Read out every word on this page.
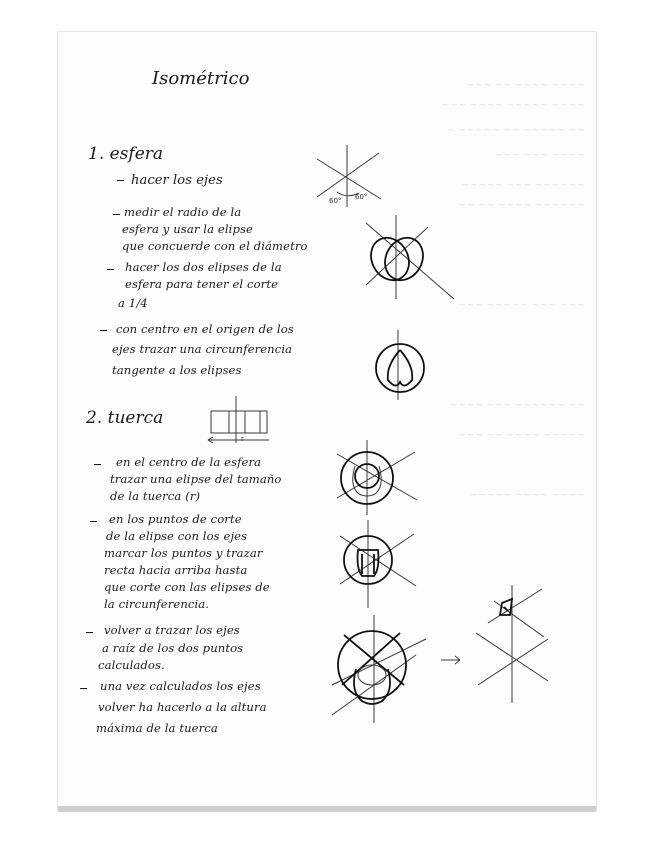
~~~ ~~ ~~~~ ~~~~
~~~ ~~~~ ~~~~~ ~~~~
~ ~~~~~ ~~ ~~~~~ ~~
~~~ ~~~ ~~~~
~~~~~ ~~~ ~~~~~~
~~ ~~ ~~~~ ~~~~~~
~~~ ~~~~~ ~~~ ~~~
~~~~ ~~~ ~~~~~~ ~~
~~~ ~~ ~~~~ ~~~~~
~~~~~ ~~~~ ~~~~
Isométrico
1. esfera
hacer los ejes
medir el radio de la
esfera y usar la elipse
que concuerde con el diámetro
hacer los dos elipses de la
esfera para tener el corte
a 1/4
con centro en el origen de los
ejes trazar una circunferencia
tangente a los elipses
2. tuerca
r
en el centro de la esfera
trazar una elipse del tamaño
de la tuerca (r)
en los puntos de corte
de la elipse con los ejes
marcar los puntos y trazar
recta hacia arriba hasta
que corte con las elipses de
la circunferencia.
volver a trazar los ejes
a raíz de los dos puntos
calculados.
una vez calculados los ejes
volver ha hacerlo a la altura
máxima de la tuerca
60° 60°
